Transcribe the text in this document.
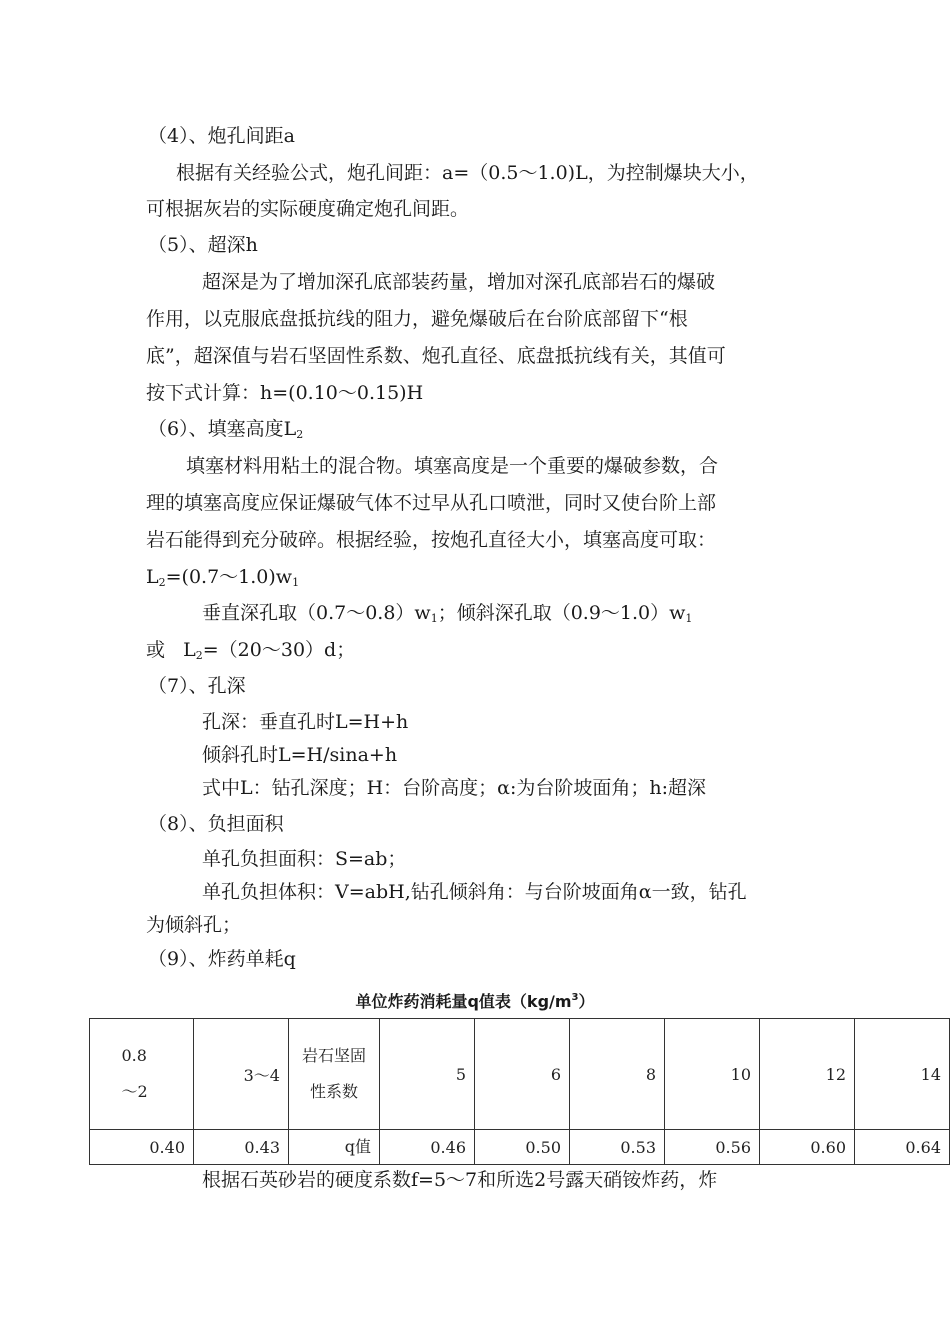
（4）、炮孔间距a
根据有关经验公式，炮孔间距：a=（0.5～1.0)L，为控制爆块大小，
可根据灰岩的实际硬度确定炮孔间距。
（5）、超深h
超深是为了增加深孔底部装药量，增加对深孔底部岩石的爆破
作用，以克服底盘抵抗线的阻力，避免爆破后在台阶底部留下“根
底”，超深值与岩石坚固性系数、炮孔直径、底盘抵抗线有关，其值可
按下式计算：h=(0.10～0.15)H
（6）、填塞高度$L_2$
填塞材料用粘土的混合物。填塞高度是一个重要的爆破参数，合
理的填塞高度应保证爆破气体不过早从孔口喷泄，同时又使台阶上部
岩石能得到充分破碎。根据经验，按炮孔直径大小，填塞高度可取：
$L_2=(0.7\sim 1.0)w_1$
垂直深孔取$(0.7\sim 0.8)w_1$；倾斜深孔取$(0.9\sim 1.0)w_1$
或 $L_2=(20\sim 30)d$；
（7）、孔深
孔深：垂直孔时L=H+h
倾斜孔时L=H/sina+h
式中L：钻孔深度；H：台阶高度；α:为台阶坡面角；h:超深
（8）、负担面积
单孔负担面积：S=ab；
单孔负担体积：V=abH,钻孔倾斜角：与台阶坡面角α一致，钻孔
为倾斜孔；
（9）、炸药单耗q
单位炸药消耗量q值表$(kg/m^3)$
0.8～2	3～4	岩石坚固性系数	5	6	8	10	12	14
0.40	0.43	q值	0.46	0.50	0.53	0.56	0.60	0.64
根据石英砂岩的硬度系数f=5～7和所选2号露天硝铵炸药，炸
